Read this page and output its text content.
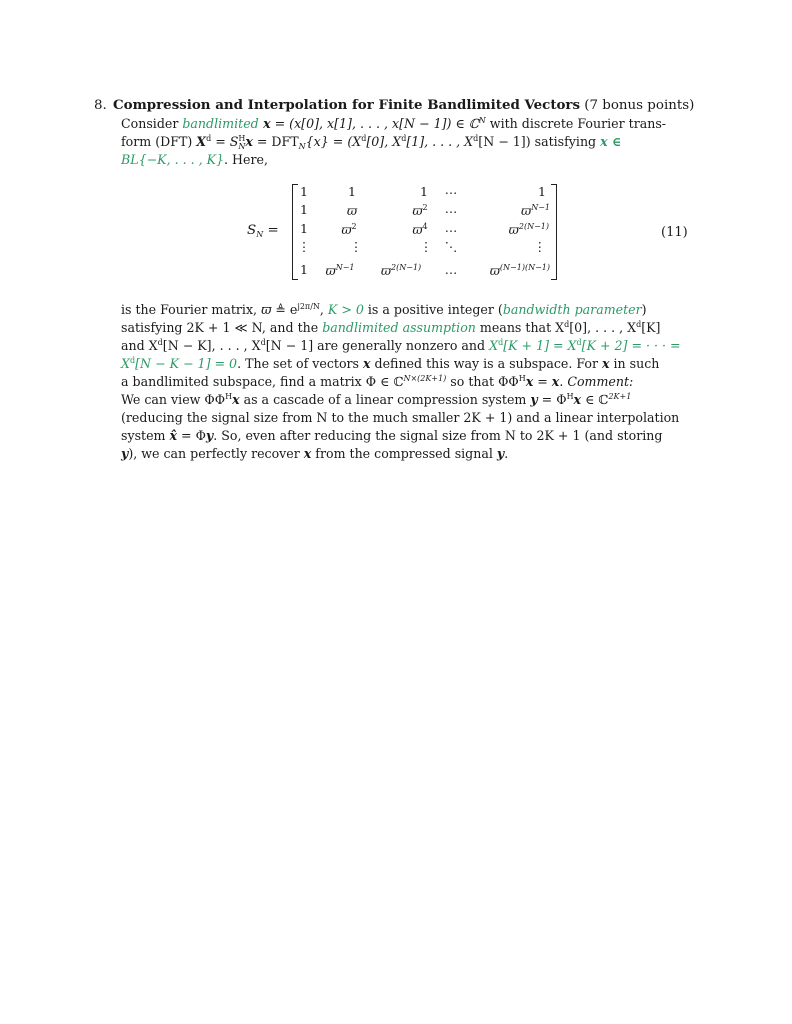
8. Compression and Interpolation for Finite Bandlimited Vectors (7 bonus points)
Consider bandlimited x = (x[0], x[1], . . . , x[N − 1]) ∈ ℂ$^N$ with discrete Fourier trans-
form (DFT) $X^d = S^H_Nx = DFT_N\{x\} = (X^d[0]$, $X^d[1]$, . . . , $X^d[N - 1]$) satisfying x ∈
BL{−K, . . . , K}. Here,
$S_N$ =
1	1	1 …	1
1	ϖ	$ϖ^2$ …	$ϖ^{N-1}$
1	$ϖ^2$	$ϖ^4$ …	$ϖ^{2(N-1)}$
⋮	⋮	⋮ ⋱	⋮
1 $ϖ^{N-1}$ $ϖ^{2(N-1)}$ …	$ϖ^{(N-1)(N-1)}$
(11)
is the Fourier matrix, ϖ ≜ $e^{j2\pi/N}$, K > 0 is a positive integer (bandwidth parameter)
satisfying 2K + 1 ≪ N, and the bandlimited assumption means that $X^d[0]$, . . . , $X^d[K]$
and $X^d[N - K]$, . . . , $X^d[N - 1]$ are generally nonzero and $X^d[K + 1] = X^d[K + 2]$ = · · · =
$X^d[N - K - 1] = 0$. The set of vectors x defined this way is a subspace. For x in such
a bandlimited subspace, find a matrix Φ ∈ ℂ$^{N\times(2K+1)}$ so that $\Phi\Phi^Hx = x$. Comment:
We can view $\Phi\Phi^Hx$ as a cascade of a linear compression system $y = \Phi^Hx$ ∈ ℂ$^{2K+1}$
(reducing the signal size from N to the much smaller 2K + 1) and a linear interpolation
system x̂ = Φy. So, even after reducing the signal size from N to 2K + 1 (and storing
y), we can perfectly recover x from the compressed signal y.
